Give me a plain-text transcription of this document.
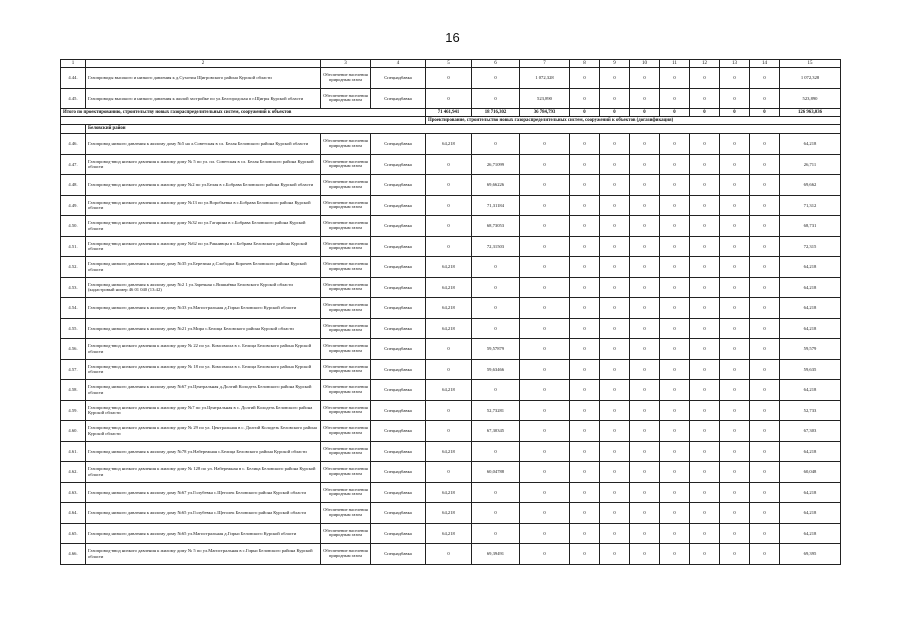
16
1	2	3	4	5	6	7	8	9	10	11	12	13	14	15
4.44.	Газопроводы высокого и низкого давления к д.Сухотин Щигровского района Курской области	Обеспечение населения природным газом	Спецнадбавка	0	0	1 072,328	0	0	0	0	0	0	0	1 072,328
4.45.	Газопроводы высокого и низкого давления к жилой застройке по ул.Белгородская п г.Щигры Курской области	Обеспечение населения природным газом	Спецнадбавка	0	0	523,890	0	0	0	0	0	0	0	523,890
Итого по проектированию, строительству новых газораспределительных систем, сооружений к объектов				71 461,941	18 716,302	36 784,793	0	0	0	0	0	0	0	126 963,036
				Проектирование, строительство новых газораспределительных систем, сооружений к объектов (догазификация)										
	Беловский район													
4.46.	Газопровод низкого давления к жилому дому №5 на л.Советская в сл. Белая Беловского района Курской области	Обеспечение населения природным газом	Спецнадбавка	64,218	0	0	0	0	0	0	0	0	0	64,218
4.47.	Газопровод-ввод низкого давления к жилому дому № 5 по ул. пл. Советская в сл. Белая Беловского района Курской области	Обеспечение населения природным газом	Спецнадбавка	0	26,71099	0	0	0	0	0	0	0	0	26,711
4.48.	Газопровод-ввод низкого давления к жилому дому №2 по ул.Белая в с.Бобрава Беловского района Курской области	Обеспечение населения природным газом	Спецнадбавка	0	69,66226	0	0	0	0	0	0	0	0	69,662
4.49.	Газопровод-ввод низкого давления к жилому дому №13 по ул.Воробьевка в с.Бобрава Беловского района Курской области	Обеспечение населения природным газом	Спецнадбавка	0	71,31184	0	0	0	0	0	0	0	0	71,312
4.50.	Газопровод-ввод низкого давления к жилому дому №32 по ул.Гагарина в с.Бобрава Беловского района Курской области	Обеспечение населения природным газом	Спецнадбавка	0	68,73053	0	0	0	0	0	0	0	0	68,731
4.51.	Газопровод-ввод низкого давления к жилому дому №62 по ул.Ракнивцы в с.Бобрава Беловского района Курской области	Обеспечение населения природным газом	Спецнадбавка	0	72,31503	0	0	0	0	0	0	0	0	72,315
4.52.	Газопровод низкого давления к жилому дому №35 ул.Березина д.Слободка Корочев Беловского района Курской области	Обеспечение населения природным газом	Спецнадбавка	64,218	0	0	0	0	0	0	0	0	0	64,218
4.53.	Газопровод низкого давления к жилому дому №2 1 ул.Заречная с.Вишнёвка Беловского Курской области (кадастровый номер 46 01 040 (13:42)	Обеспечение населения природным газом	Спецнадбавка	64,218	0	0	0	0	0	0	0	0	0	64,218
4.54.	Газопровод низкого давления к жилому дому №33 ул.Магистральная д.Гирьи Беловского Курской области	Обеспечение населения природным газом	Спецнадбавка	64,218	0	0	0	0	0	0	0	0	0	64,218
4.55.	Газопровод низкого давления к жилому дому №21 ул.Мира с.Белица Беловского района Курской области	Обеспечение населения природным газом	Спецнадбавка	64,218	0	0	0	0	0	0	0	0	0	64,218
4.56.	Газопровод-ввод низкого давления к жилому дому № 22 по ул. Комсомола в с. Белица Беловского района Курской области	Обеспечение населения природным газом	Спецнадбавка	0	59,57879	0	0	0	0	0	0	0	0	59,579
4.57.	Газопровод-ввод низкого давления к жилому дому № 18 по ул. Комсомола в с. Белица Беловского района Курской области	Обеспечение населения природным газом	Спецнадбавка	0	59,63466	0	0	0	0	0	0	0	0	59,635
4.58.	Газопровод низкого давления к жилому дому №67 ул.Центральная д.Долгий Колодезь Беловского района Курской области	Обеспечение населения природным газом	Спецнадбавка	64,218	0	0	0	0	0	0	0	0	0	64,218
4.59.	Газопровод-ввод низкого давления к жилому дому №7 по ул.Центральная в с. Долгий Колодезь Беловского района Курской области	Обеспечение населения природным газом	Спецнадбавка	0	52,73281	0	0	0	0	0	0	0	0	52,733
4.60.	Газопровод-ввод низкого давления к жилому дому № 29 по ул. Центральная в с. Долгий Колодезь Беловского района Курской области	Обеспечение населения природным газом	Спецнадбавка	0	67,30345	0	0	0	0	0	0	0	0	67,303
4.61.	Газопровод низкого давления к жилому дому №78 ул.Набережная с.Белица Беловского района Курской области	Обеспечение населения природным газом	Спецнадбавка	64,218	0	0	0	0	0	0	0	0	0	64,218
4.62.	Газопровод-ввод низкого давления к жилому дому № 128 по ул. Набережная в с. Белица Беловского района Курской области	Обеспечение населения природным газом	Спецнадбавка	0	60,04788	0	0	0	0	0	0	0	0	60,048
4.63.	Газопровод низкого давления к жилому дому №67 ул.Голубевка с.Щеголек Беловского района Курской области	Обеспечение населения природным газом	Спецнадбавка	64,218	0	0	0	0	0	0	0	0	0	64,218
4.64.	Газопровод низкого давления к жилому дому №65 ул.Голубевка с.Щеголек Беловского района Курской области	Обеспечение населения природным газом	Спецнадбавка	64,218	0	0	0	0	0	0	0	0	0	64,218
4.65.	Газопровод низкого давления к жилому дому №65 ул.Магистральная д.Гирьи Беловского Курской области	Обеспечение населения природным газом	Спецнадбавка	64,218	0	0	0	0	0	0	0	0	0	64,218
4.66.	Газопровод-ввод низкого давления к жилому дому № 5 по ул.Магистральная в с.Гирьи Беловского района Курской области	Обеспечение населения природным газом	Спецнадбавка	0	69,39491	0	0	0	0	0	0	0	0	69,395
